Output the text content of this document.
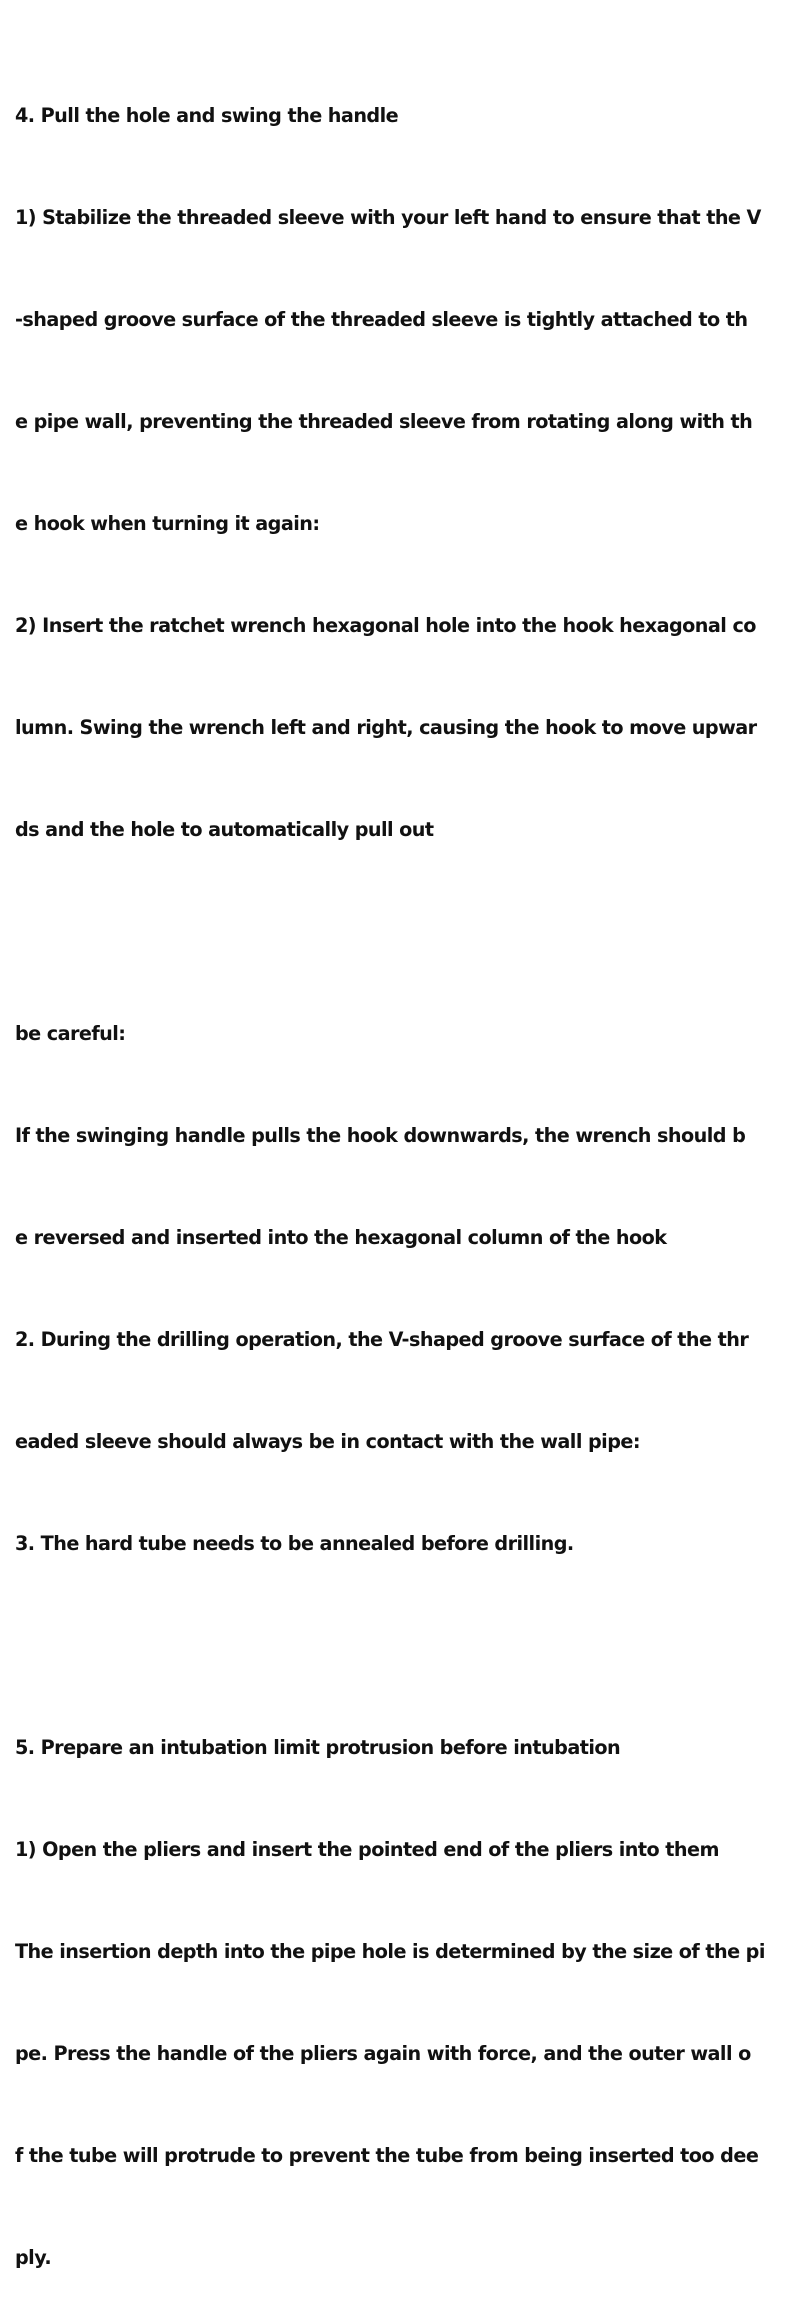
4. Pull the hole and swing the handle

1) Stabilize the threaded sleeve with your left hand to ensure that the V

-shaped groove surface of the threaded sleeve is tightly attached to th

e pipe wall, preventing the threaded sleeve from rotating along with th

e hook when turning it again:

2) Insert the ratchet wrench hexagonal hole into the hook hexagonal co

lumn. Swing the wrench left and right, causing the hook to move upwar

ds and the hole to automatically pull out

be careful:

If the swinging handle pulls the hook downwards, the wrench should b

e reversed and inserted into the hexagonal column of the hook

2. During the drilling operation, the V-shaped groove surface of the thr

eaded sleeve should always be in contact with the wall pipe:

3. The hard tube needs to be annealed before drilling.

5. Prepare an intubation limit protrusion before intubation

1) Open the pliers and insert the pointed end of the pliers into them

The insertion depth into the pipe hole is determined by the size of the pi

pe. Press the handle of the pliers again with force, and the outer wall o

f the tube will protrude to prevent the tube from being inserted too dee

ply.
